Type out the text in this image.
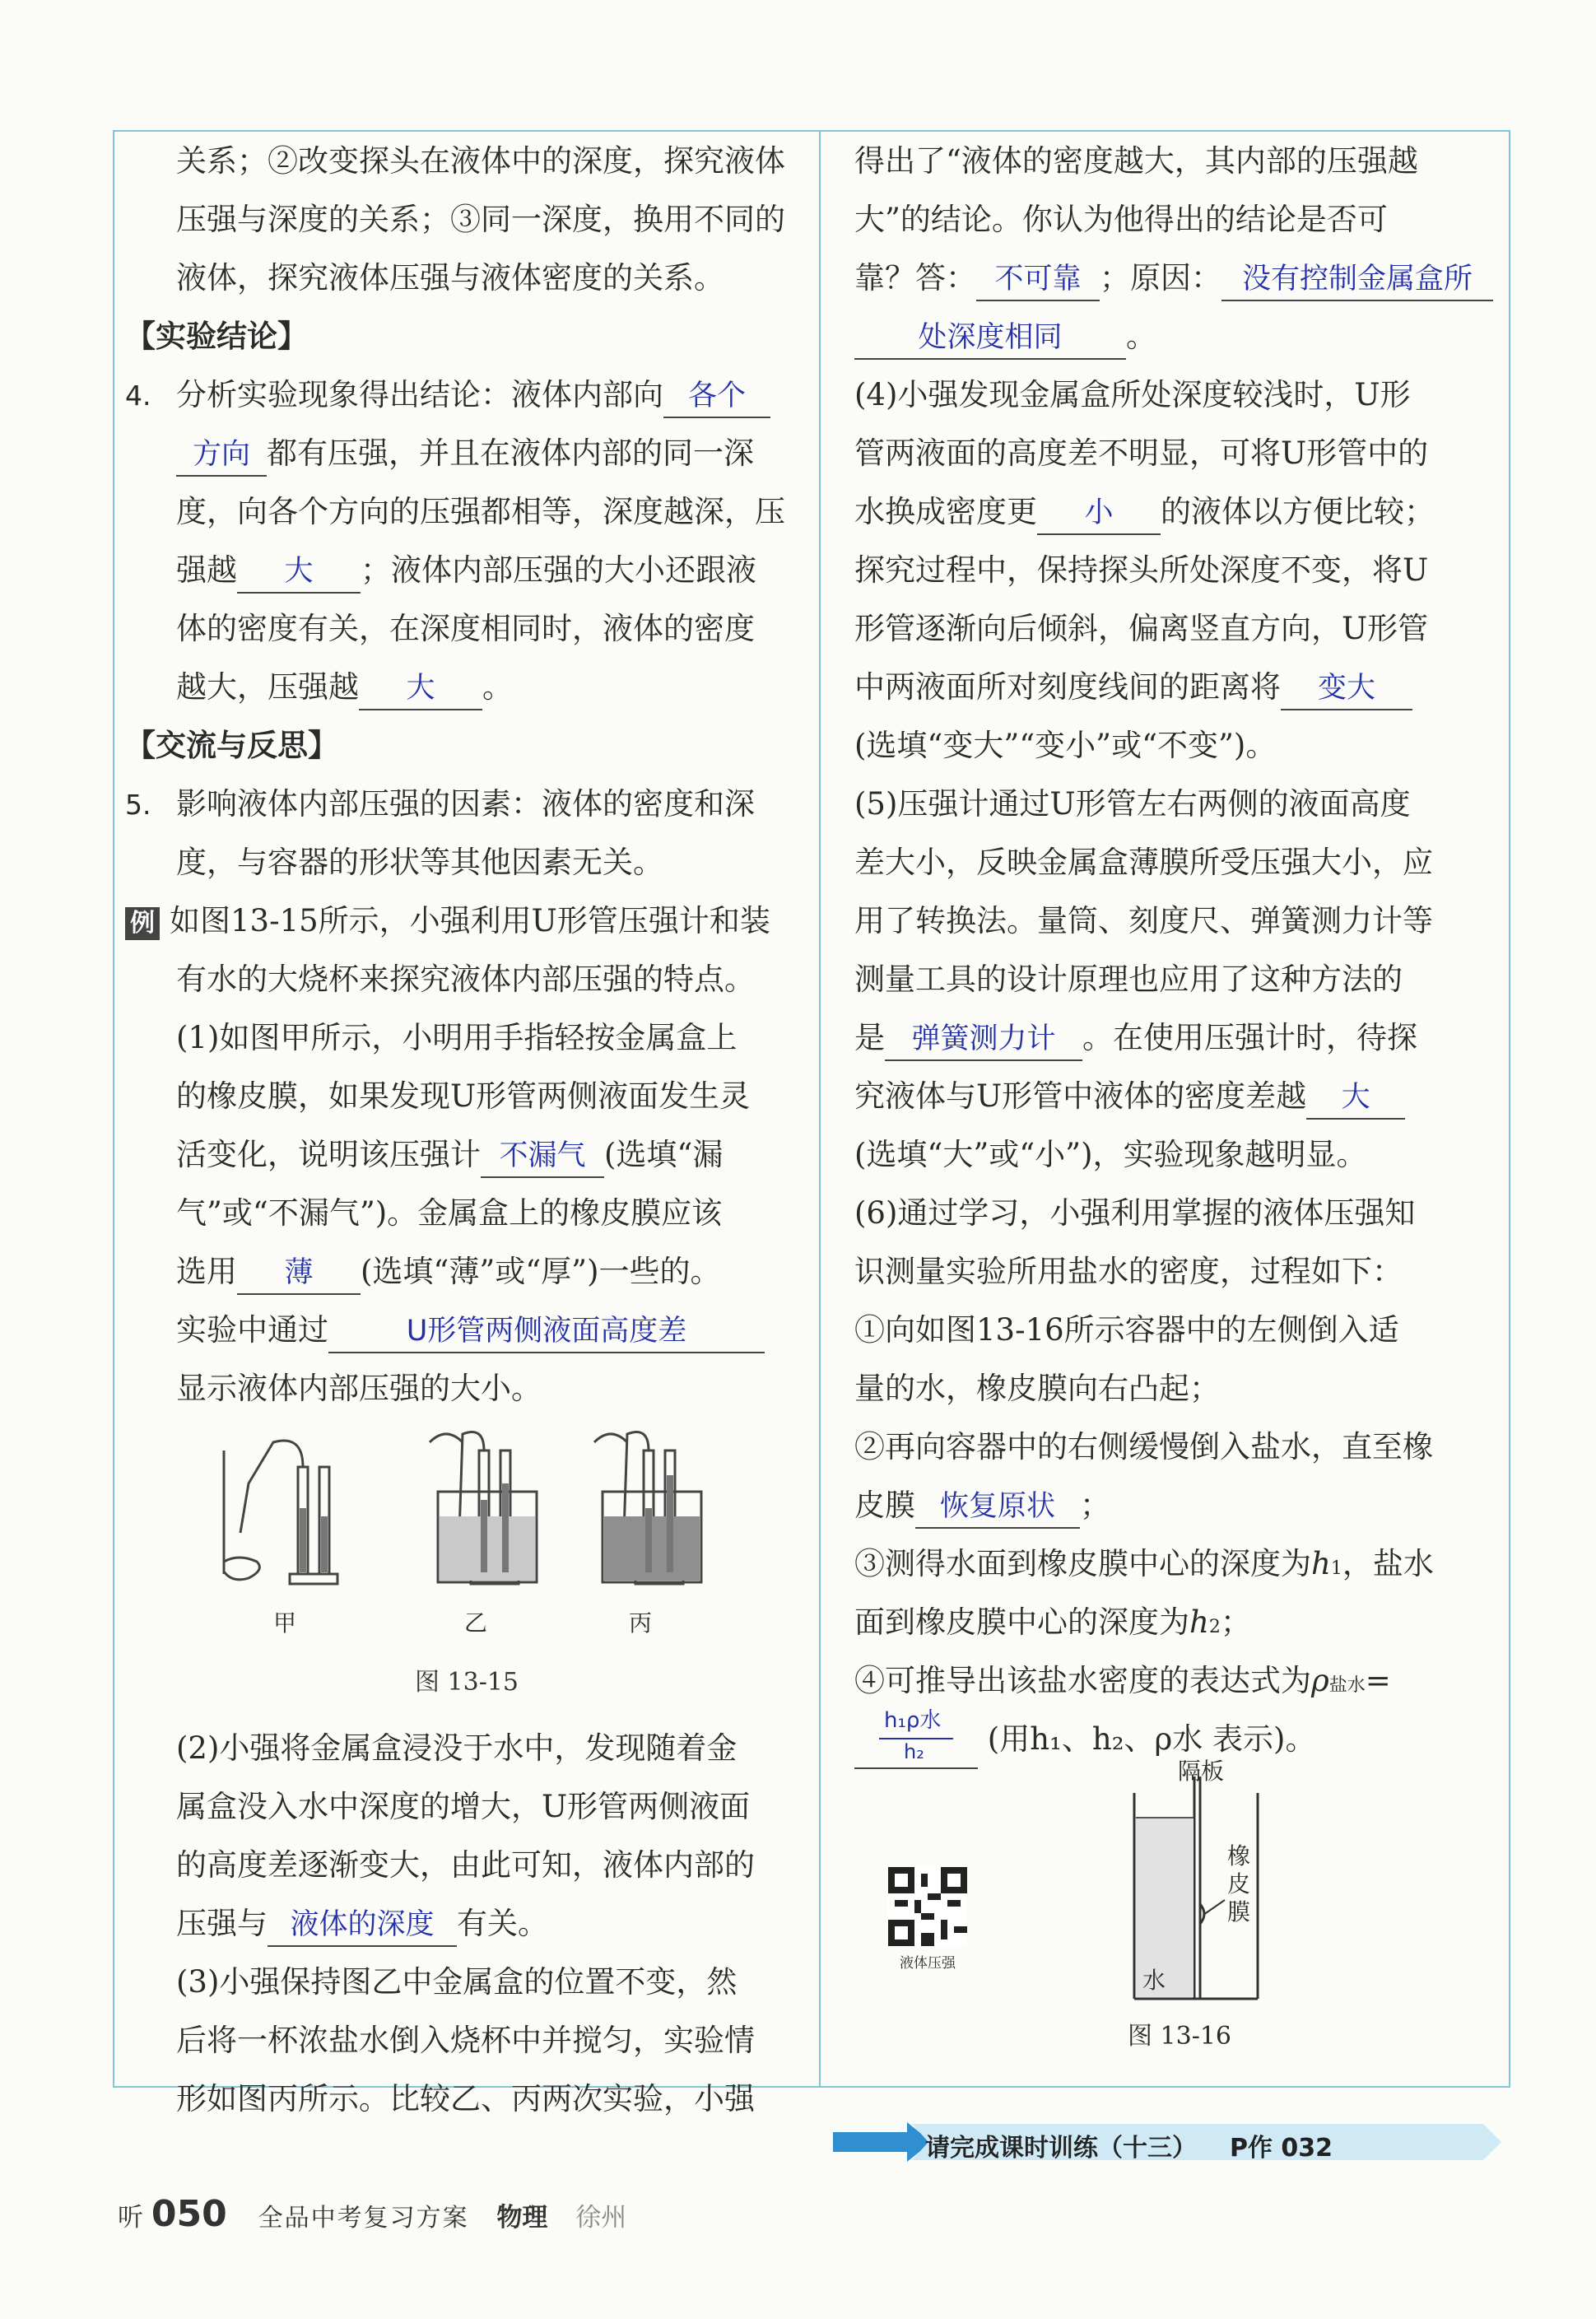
关系；②改变探头在液体中的深度，探究液体
压强与深度的关系；③同一深度，换用不同的
液体，探究液体压强与液体密度的关系。
【实验结论】
4. 分析实验现象得出结论：液体内部向 各个
方向 都有压强，并且在液体内部的同一深
度，向各个方向的压强都相等，深度越深，压
强越 大 ；液体内部压强的大小还跟液
体的密度有关，在深度相同时，液体的密度
越大，压强越 大 。
【交流与反思】
5. 影响液体内部压强的因素：液体的密度和深
度，与容器的形状等其他因素无关。
例 如图13-15所示，小强利用U形管压强计和装
有水的大烧杯来探究液体内部压强的特点。
(1)如图甲所示，小明用手指轻按金属盒上
的橡皮膜，如果发现U形管两侧液面发生灵
活变化，说明该压强计 不漏气 (选填“漏
气”或“不漏气”)。金属盒上的橡皮膜应该
选用 薄 (选填“薄”或“厚”)一些的。
实验中通过	U形管两侧液面高度差
显示液体内部压强的大小。
甲	乙	丙
图 13-15
(2)小强将金属盒浸没于水中，发现随着金
属盒没入水中深度的增大，U形管两侧液面
的高度差逐渐变大，由此可知，液体内部的
压强与 液体的深度 有关。
(3)小强保持图乙中金属盒的位置不变，然
后将一杯浓盐水倒入烧杯中并搅匀，实验情
形如图丙所示。比较乙、丙两次实验，小强
得出了“液体的密度越大，其内部的压强越
大”的结论。你认为他得出的结论是否可
靠？答： 不可靠 ；原因： 没有控制金属盒所
处深度相同 。
(4)小强发现金属盒所处深度较浅时，U形
管两液面的高度差不明显，可将U形管中的
水换成密度更 小 的液体以方便比较；
探究过程中，保持探头所处深度不变，将U
形管逐渐向后倾斜，偏离竖直方向，U形管
中两液面所对刻度线间的距离将 变大
(选填“变大”“变小”或“不变”)。
(5)压强计通过U形管左右两侧的液面高度
差大小，反映金属盒薄膜所受压强大小，应
用了转换法。量筒、刻度尺、弹簧测力计等
测量工具的设计原理也应用了这种方法的
是 弹簧测力计 。在使用压强计时，待探
究液体与U形管中液体的密度差越 大
(选填“大”或“小”)，实验现象越明显。
(6)通过学习，小强利用掌握的液体压强知
识测量实验所用盐水的密度，过程如下：
①向如图13-16所示容器中的左侧倒入适
量的水，橡皮膜向右凸起；
②再向容器中的右侧缓慢倒入盐水，直至橡
皮膜 恢复原状 ；
③测得水面到橡皮膜中心的深度为h1，盐水
面到橡皮膜中心的深度为h2；
④可推导出该盐水密度的表达式为ρ盐水=
h₁ρ水
h₂ (用h₁、h₂、ρ水 表示)。
隔板
橡皮膜
水
图 13-16
液体压强
请完成课时训练（十三） P作 032
听 050 全品中考复习方案 物理 徐州
